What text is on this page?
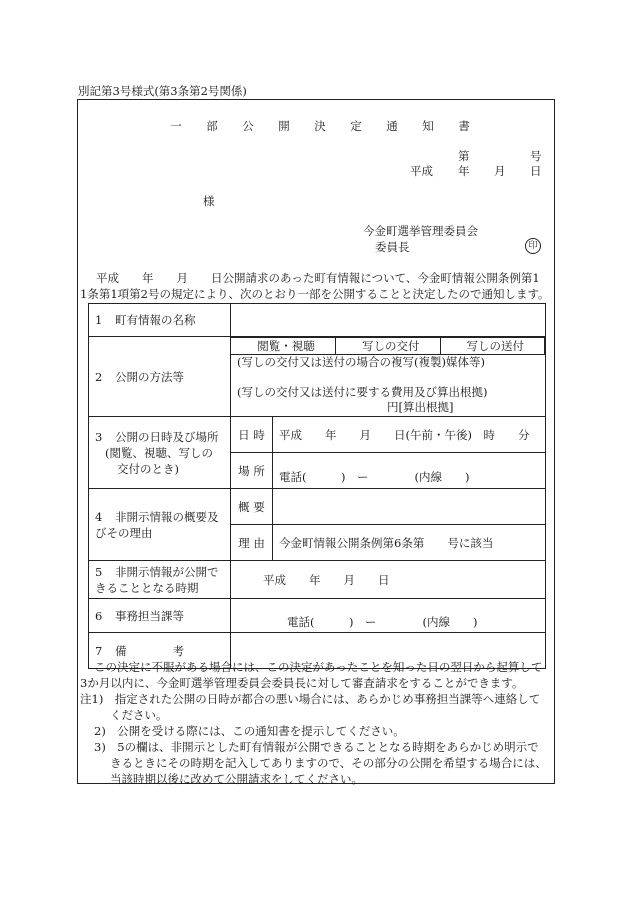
別記第3号様式(第3条第2号関係)
一 部 公 開 決 定 通 知 書
第	号
平成 年 月 日
様
今金町選挙管理委員会
委員長	印
平成　　年　　月　　日公開請求のあった町有情報について、今金町情報公開条例第1
1条第1項第2号の規定により、次のとおり一部を公開することと決定したので通知します。
1 町有情報の名称	
2 公開の方法等	
閲覧・視聴	写しの交付	写しの送付
(写しの交付又は送付の場合の複写(複製)媒体等)
(写しの交付又は送付に要する費用及び算出根拠)
円[算出根拠]

3 公開の日時及び場所
(閲覧、視聴、写しの
交付のとき)
	日 時	平成　　年　　月　　日(午前・午後)　時　　分
場 所	電話(　　　)　ー　　　　(内線　　)

4 非開示情報の概要及
びその理由
	概 要	
理 由	今金町情報公開条例第6条第　　号に該当

5 非開示情報が公開で
きることとなる時期
	平成　　年　　月　　日
6 事務担当課等	電話(　　　)　ー　　　　(内線　　)
7 備　　　　考	
この決定に不服がある場合には、この決定があったことを知った日の翌日から起算して
3か月以内に、今金町選挙管理委員会委員長に対して審査請求をすることができます。
注1)　指定された公開の日時が都合の悪い場合には、あらかじめ事務担当課等へ連絡して
ください。
2)　公開を受ける際には、この通知書を提示してください。
3)　5の欄は、非開示とした町有情報が公開できることとなる時期をあらかじめ明示で
きるときにその時期を記入してありますので、その部分の公開を希望する場合には、
当該時期以後に改めて公開請求をしてください。
